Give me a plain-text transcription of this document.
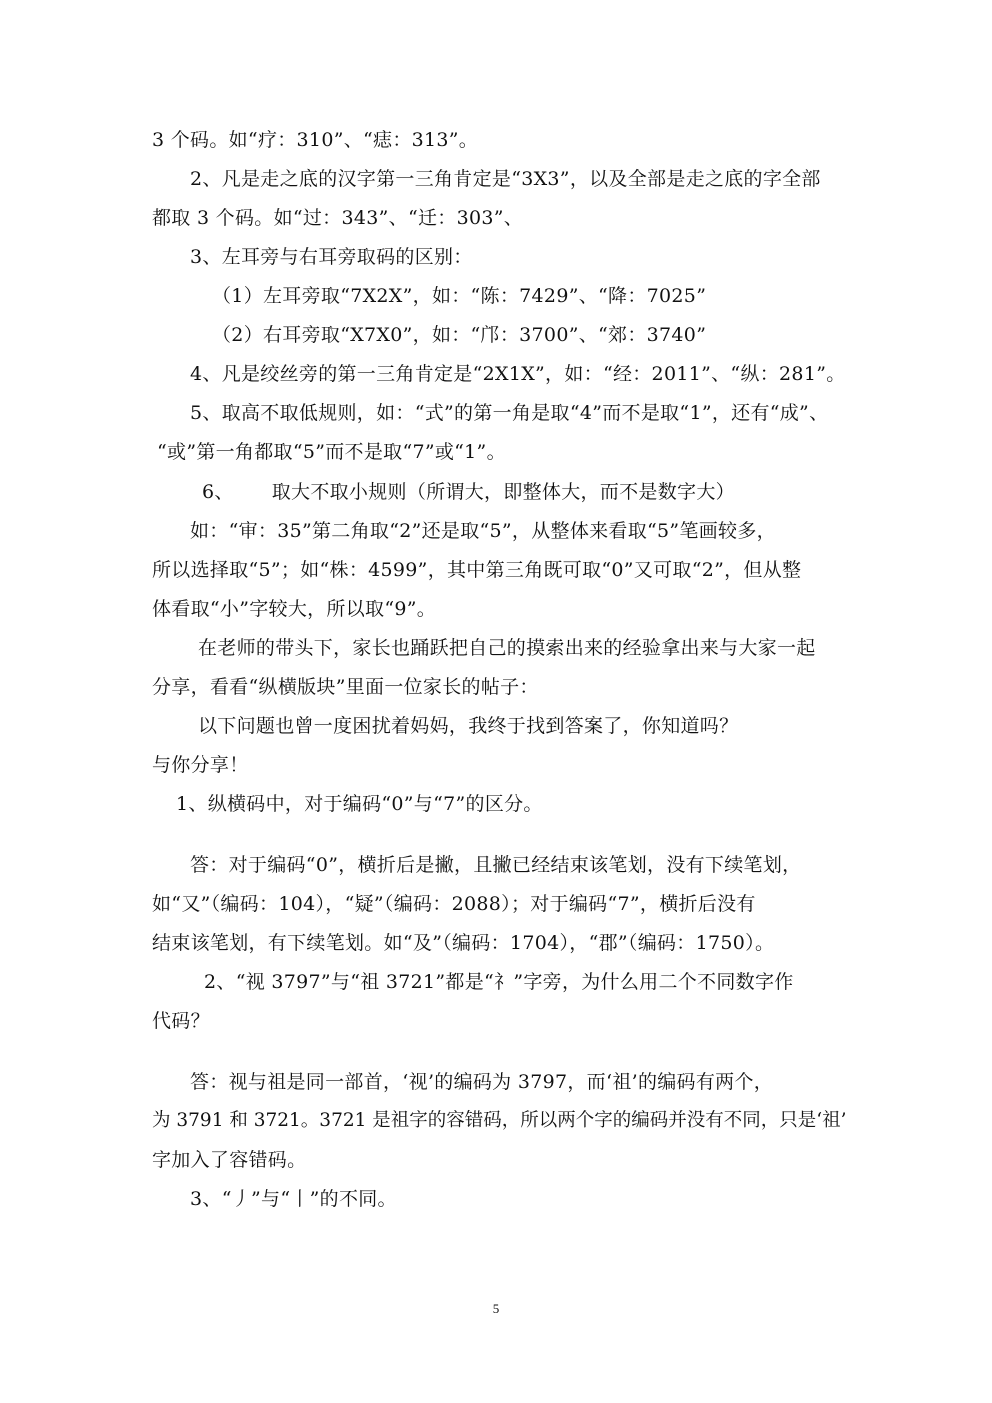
3 个码。如“疗：310”、“痣：313”。
2、凡是走之底的汉字第一三角肯定是“3X3”，以及全部是走之底的字全部
都取 3 个码。如“过：343”、“迁：303”、
3、左耳旁与右耳旁取码的区别：
（1）左耳旁取“7X2X”，如：“陈：7429”、“降：7025”
（2）右耳旁取“X7X0”，如：“邝：3700”、“郊：3740”
4、凡是绞丝旁的第一三角肯定是“2X1X”，如：“经：2011”、“纵：281”。
5、取高不取低规则，如：“式”的第一角是取“4”而不是取“1”，还有“成”、
“或”第一角都取“5”而不是取“7”或“1”。
6、      取大不取小规则（所谓大，即整体大，而不是数字大）
如：“审：35”第二角取“2”还是取“5”，从整体来看取“5”笔画较多，
所以选择取“5”；如“株：4599”，其中第三角既可取“0”又可取“2”，但从整
体看取“小”字较大，所以取“9”。
在老师的带头下，家长也踊跃把自己的摸索出来的经验拿出来与大家一起
分享，看看“纵横版块”里面一位家长的帖子：
以下问题也曾一度困扰着妈妈，我终于找到答案了，你知道吗？
与你分享！
1、纵横码中，对于编码“0”与“7”的区分。
答：对于编码“0”，横折后是撇，且撇已经结束该笔划，没有下续笔划，
如“又”（编码：104），“疑”（编码：2088）；对于编码“7”，横折后没有
结束该笔划，有下续笔划。如“及”（编码：1704），“郡”（编码：1750）。
2、“视 3797”与“祖 3721”都是“礻”字旁，为什么用二个不同数字作
代码？
答：视与祖是同一部首，‘视’的编码为 3797，而‘祖’的编码有两个，
为 3791 和 3721。3721 是祖字的容错码，所以两个字的编码并没有不同，只是‘祖’
字加入了容错码。
3、“丿”与“丨”的不同。
5
